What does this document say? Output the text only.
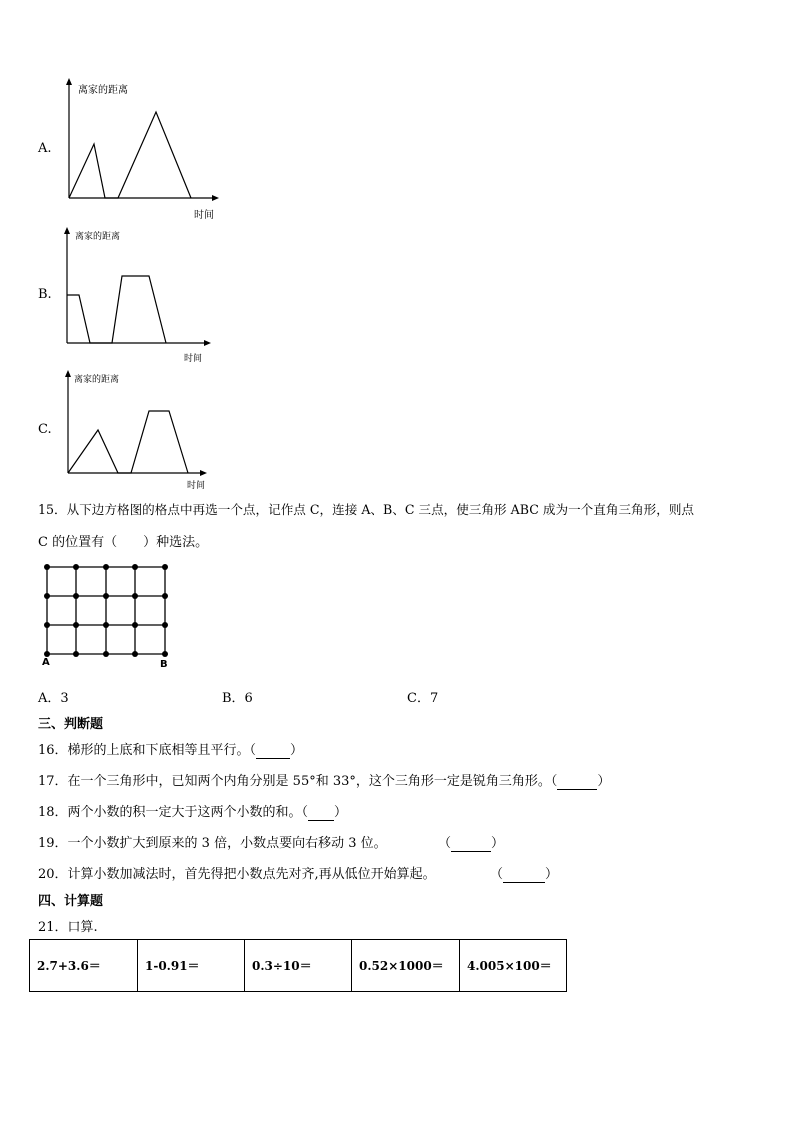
A.
离家的距离
时间
B.
离家的距离
时间
C.
离家的距离
时间
15．从下边方格图的格点中再选一个点，记作点 C，连接 A、B、C 三点，使三角形 ABC 成为一个直角三角形，则点
C 的位置有（　　）种选法。
A	B
A．3	B．6	C．7
三、判断题
16．梯形的上底和下底相等且平行。（	）
17．在一个三角形中，已知两个内角分别是 55°和 33°，这个三角形一定是锐角三角形。（	）
18．两个小数的积一定大于这两个小数的和。（ ）
19．一个小数扩大到原来的 3 倍，小数点要向右移动 3 位。	（	）
20．计算小数加减法时，首先得把小数点先对齐,再从低位开始算起。	（	）
四、计算题
21．口算.
2.7+3.6＝	1-0.91＝	0.3÷10＝	0.52×1000＝	4.005×100＝
